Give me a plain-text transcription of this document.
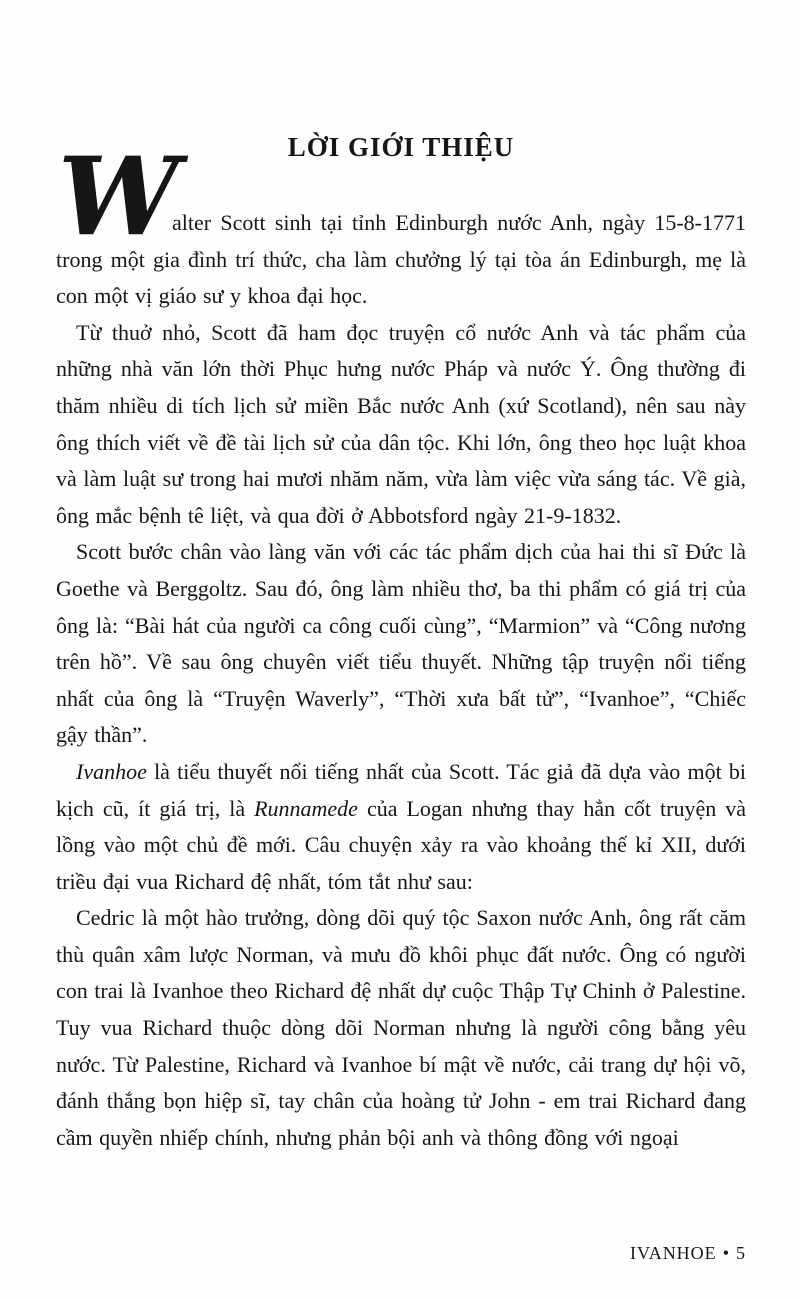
LỜI GIỚI THIỆU

W
alter Scott sinh tại tỉnh Edinburgh nước Anh, ngày 15-8-1771 trong một gia đình trí thức, cha làm chưởng lý tại tòa án Edinburgh, mẹ là con một vị giáo sư y khoa đại học.

Từ thuở nhỏ, Scott đã ham đọc truyện cổ nước Anh và tác phẩm của những nhà văn lớn thời Phục hưng nước Pháp và nước Ý. Ông thường đi thăm nhiều di tích lịch sử miền Bắc nước Anh (xứ Scotland), nên sau này ông thích viết về đề tài lịch sử của dân tộc. Khi lớn, ông theo học luật khoa và làm luật sư trong hai mươi nhăm năm, vừa làm việc vừa sáng tác. Về già, ông mắc bệnh tê liệt, và qua đời ở Abbotsford ngày 21-9-1832.

Scott bước chân vào làng văn với các tác phẩm dịch của hai thi sĩ Đức là Goethe và Berggoltz. Sau đó, ông làm nhiều thơ, ba thi phẩm có giá trị của ông là: “Bài hát của người ca công cuối cùng”, “Marmion” và “Công nương trên hồ”. Về sau ông chuyên viết tiểu thuyết. Những tập truyện nổi tiếng nhất của ông là “Truyện Waverly”, “Thời xưa bất tử”, “Ivanhoe”, “Chiếc gậy thần”.

Ivanhoe là tiểu thuyết nổi tiếng nhất của Scott. Tác giả đã dựa vào một bi kịch cũ, ít giá trị, là Runnamede của Logan nhưng thay hẳn cốt truyện và lồng vào một chủ đề mới. Câu chuyện xảy ra vào khoảng thế kỉ XII, dưới triều đại vua Richard đệ nhất, tóm tắt như sau:

Cedric là một hào trưởng, dòng dõi quý tộc Saxon nước Anh, ông rất căm thù quân xâm lược Norman, và mưu đồ khôi phục đất nước. Ông có người con trai là Ivanhoe theo Richard đệ nhất dự cuộc Thập Tự Chinh ở Palestine. Tuy vua Richard thuộc dòng dõi Norman nhưng là người công bằng yêu nước. Từ Palestine, Richard và Ivanhoe bí mật về nước, cải trang dự hội võ, đánh thắng bọn hiệp sĩ, tay chân của hoàng tử John - em trai Richard đang cầm quyền nhiếp chính, nhưng phản bội anh và thông đồng với ngoại

IVANHOE • 5
